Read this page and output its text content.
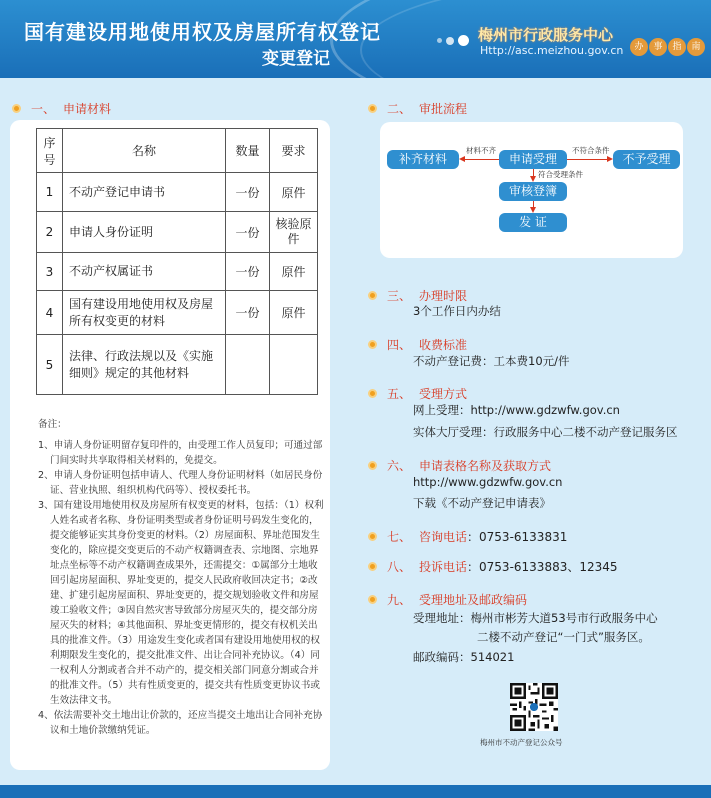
国有建设用地使用权及房屋所有权登记
变更登记
梅州市行政服务中心
Http://asc.meizhou.gov.cn	办 事 指 南
一、 申请材料
序号	名称	数量	要求
1	不动产登记申请书	一份	原件
2	申请人身份证明	一份	核验原件
3	不动产权属证书	一份	原件
4	国有建设用地使用权及房屋所有权变更的材料	一份	原件
5	法律、行政法规以及《实施细则》规定的其他材料		
备注：

1、申请人身份证明留存复印件的，由受理工作人员复印；可通过部门间实时共享取得相关材料的，免提交。

2、申请人身份证明包括申请人、代理人身份证明材料（如居民身份证、营业执照、组织机构代码等）、授权委托书。

3、国有建设用地使用权及房屋所有权变更的材料，包括：（1）权利人姓名或者名称、身份证明类型或者身份证明号码发生变化的，提交能够证实其身份变更的材料。（2）房屋面积、界址范围发生变化的，除应提交变更后的不动产权籍调查表、宗地图、宗地界址点坐标等不动产权籍调查成果外，还需提交：①属部分土地收回引起房屋面积、界址变更的，提交人民政府收回决定书；②改建、扩建引起房屋面积、界址变更的，提交规划验收文件和房屋竣工验收文件；③因自然灾害导致部分房屋灭失的，提交部分房屋灭失的材料；④其他面积、界址变更情形的，提交有权机关出具的批准文件。（3）用途发生变化或者国有建设用地使用权的权利期限发生变化的，提交批准文件、出让合同补充协议。（4）同一权利人分割或者合并不动产的，提交相关部门同意分割或合并的批准文件。（5）共有性质变更的，提交共有性质变更协议书或生效法律文书。

4、依法需要补交土地出让价款的，还应当提交土地出让合同补充协议和土地价款缴纳凭证。

二、 审批流程
补齐材料	申请受理	不予受理
审核登簿
发 证
材料不齐	不符合条件
符合受理条件
三、 办理时限
3个工作日内办结
四、 收费标准
不动产登记费：工本费10元/件
五、 受理方式
网上受理：http://www.gdzwfw.gov.cn
实体大厅受理：行政服务中心二楼不动产登记服务区
六、 申请表格名称及获取方式
http://www.gdzwfw.gov.cn
下载《不动产登记申请表》
七、 咨询电话：0753-6133831
八、 投诉电话：0753-6133883、12345
九、 受理地址及邮政编码
受理地址：梅州市彬芳大道53号市行政服务中心
二楼不动产登记“一门式”服务区。
邮政编码：514021
梅州市不动产登记公众号
